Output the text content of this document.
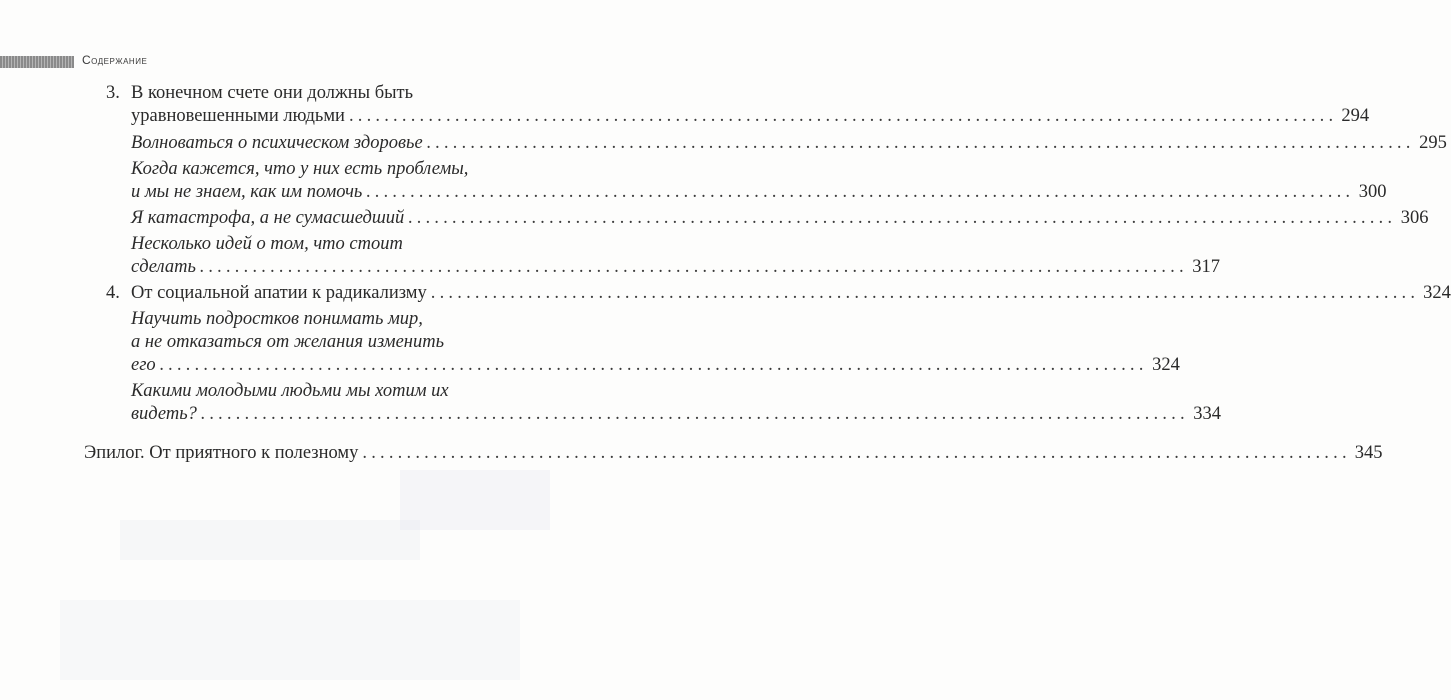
Содержание
3. В конечном счете они должны быть
уравновешенными людьми ................................................................................................................ 294
Волноваться о психическом здоровье ................................................................................................................ 295
Когда кажется, что у них есть проблемы,
и мы не знаем, как им помочь ................................................................................................................ 300
Я катастрофа, а не сумасшедший ................................................................................................................ 306
Несколько идей о том, что стоит
сделать ................................................................................................................ 317
4. От социальной апатии к радикализму ................................................................................................................ 324
Научить подростков понимать мир,
а не отказаться от желания изменить
его ................................................................................................................ 324
Какими молодыми людьми мы хотим их
видеть? ................................................................................................................ 334
Эпилог. От приятного к полезному ................................................................................................................ 345
